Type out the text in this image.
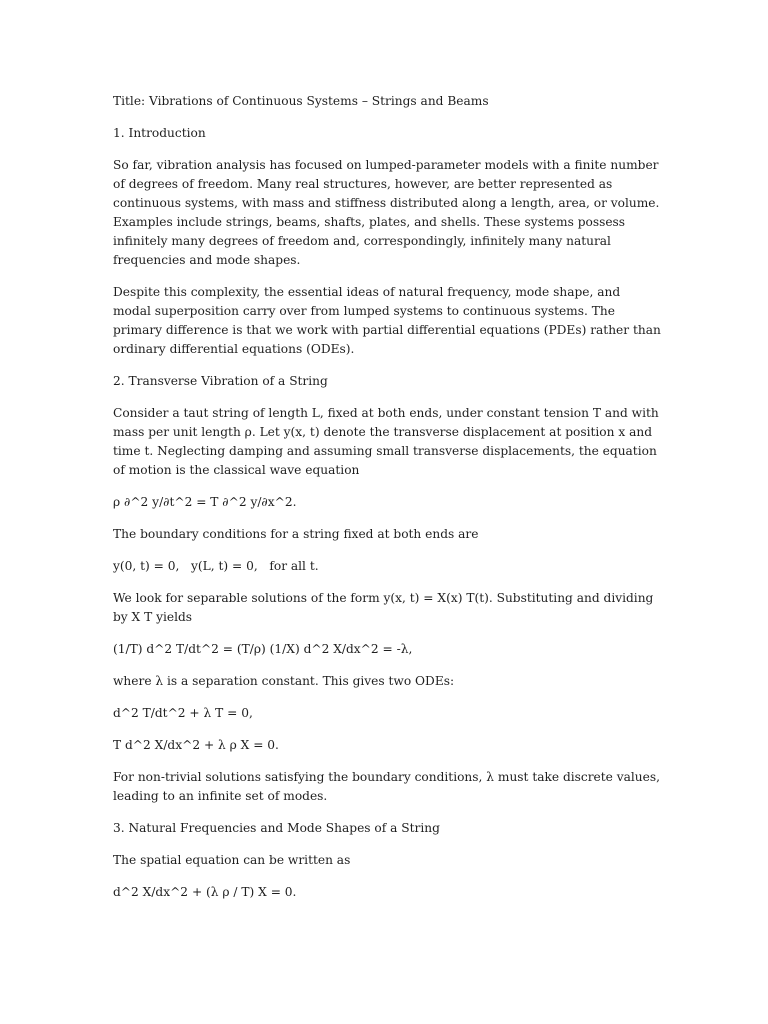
Title: Vibrations of Continuous Systems – Strings and Beams

1. Introduction

So far, vibration analysis has focused on lumped-parameter models with a finite number of degrees of freedom. Many real structures, however, are better represented as continuous systems, with mass and stiffness distributed along a length, area, or volume. Examples include strings, beams, shafts, plates, and shells. These systems possess infinitely many degrees of freedom and, correspondingly, infinitely many natural frequencies and mode shapes.

Despite this complexity, the essential ideas of natural frequency, mode shape, and modal superposition carry over from lumped systems to continuous systems. The primary difference is that we work with partial differential equations (PDEs) rather than ordinary differential equations (ODEs).

2. Transverse Vibration of a String

Consider a taut string of length L, fixed at both ends, under constant tension T and with mass per unit length ρ. Let y(x, t) denote the transverse displacement at position x and time t. Neglecting damping and assuming small transverse displacements, the equation of motion is the classical wave equation

ρ ∂^2 y/∂t^2 = T ∂^2 y/∂x^2.

The boundary conditions for a string fixed at both ends are

y(0, t) = 0,   y(L, t) = 0,   for all t.

We look for separable solutions of the form y(x, t) = X(x) T(t). Substituting and dividing by X T yields

(1/T) d^2 T/dt^2 = (T/ρ) (1/X) d^2 X/dx^2 = -λ,

where λ is a separation constant. This gives two ODEs:

d^2 T/dt^2 + λ T = 0,

T d^2 X/dx^2 + λ ρ X = 0.

For non-trivial solutions satisfying the boundary conditions, λ must take discrete values, leading to an infinite set of modes.

3. Natural Frequencies and Mode Shapes of a String

The spatial equation can be written as

d^2 X/dx^2 + (λ ρ / T) X = 0.
